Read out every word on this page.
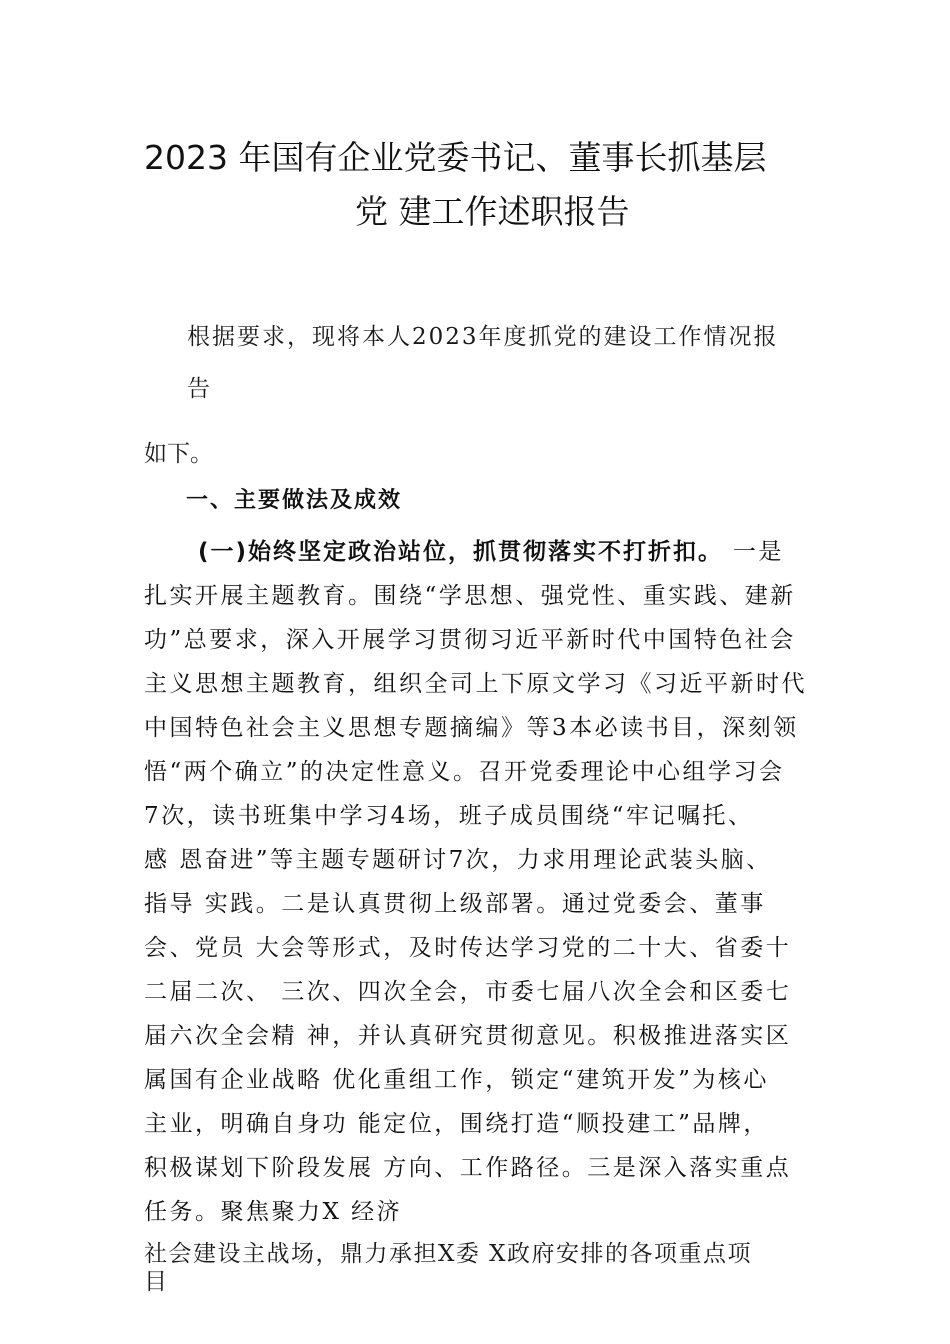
2023 年国有企业党委书记、董事长抓基层
党 建工作述职报告
根据要求，现将本人2023年度抓党的建设工作情况报
告
如下。
一、主要做法及成效
(一)始终坚定政治站位，抓贯彻落实不打折扣。 一是
扎实开展主题教育。围绕“学思想、强党性、重实践、建新
功”总要求，深入开展学习贯彻习近平新时代中国特色社会
主义思想主题教育，组织全司上下原文学习《习近平新时代
中国特色社会主义思想专题摘编》等3本必读书目，深刻领
悟“两个确立”的决定性意义。召开党委理论中心组学习会
7次，读书班集中学习4场，班子成员围绕“牢记嘱托、
感 恩奋进”等主题专题研讨7次，力求用理论武装头脑、
指导 实践。二是认真贯彻上级部署。通过党委会、董事
会、党员 大会等形式，及时传达学习党的二十大、省委十
二届二次、 三次、四次全会，市委七届八次全会和区委七
届六次全会精 神，并认真研究贯彻意见。积极推进落实区
属国有企业战略 优化重组工作，锁定“建筑开发”为核心
主业，明确自身功 能定位，围绕打造“顺投建工”品牌，
积极谋划下阶段发展 方向、工作路径。三是深入落实重点
任务。聚焦聚力X 经济
社会建设主战场，鼎力承担X委 X政府安排的各项重点项
目
